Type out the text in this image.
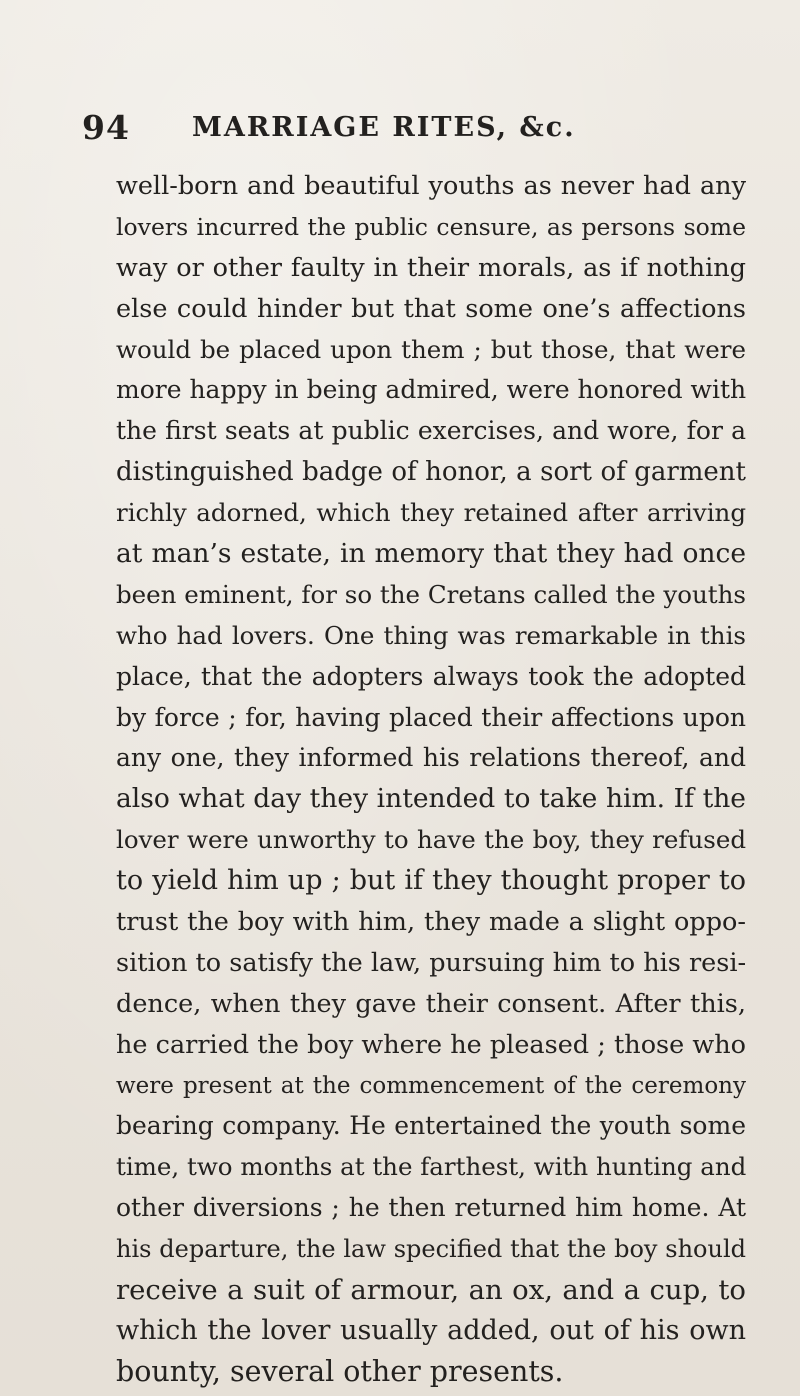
94 MARRIAGE RITES, &c.
well-born and beautiful youths as never had any
lovers incurred the public censure, as persons some
way or other faulty in their morals, as if nothing
else could hinder but that some one’s affections
would be placed upon them ; but those, that were
more happy in being admired, were honored with
the first seats at public exercises, and wore, for a
distinguished badge of honor, a sort of garment
richly adorned, which they retained after arriving
at man’s estate, in memory that they had once
been eminent, for so the Cretans called the youths
who had lovers. One thing was remarkable in this
place, that the adopters always took the adopted
by force ; for, having placed their affections upon
any one, they informed his relations thereof, and
also what day they intended to take him. If the
lover were unworthy to have the boy, they refused
to yield him up ; but if they thought proper to
trust the boy with him, they made a slight oppo-
sition to satisfy the law, pursuing him to his resi-
dence, when they gave their consent. After this,
he carried the boy where he pleased ; those who
were present at the commencement of the ceremony
bearing company. He entertained the youth some
time, two months at the farthest, with hunting and
other diversions ; he then returned him home. At
his departure, the law specified that the boy should
receive a suit of armour, an ox, and a cup, to
which the lover usually added, out of his own
bounty, several other presents.
